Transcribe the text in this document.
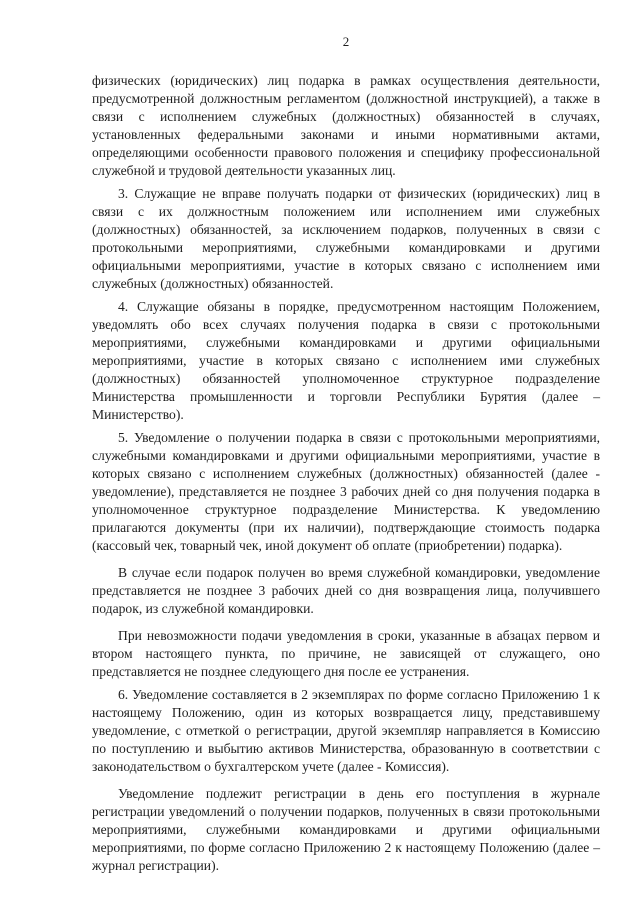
2

физических (юридических) лиц подарка в рамках осуществления деятельности, предусмотренной должностным регламентом (должностной инструкцией), а также в связи с исполнением служебных (должностных) обязанностей в случаях, установленных федеральными законами и иными нормативными актами, определяющими особенности правового положения и специфику профессиональной служебной и трудовой деятельности указанных лиц.

3. Служащие не вправе получать подарки от физических (юридических) лиц в связи с их должностным положением или исполнением ими служебных (должностных) обязанностей, за исключением подарков, полученных в связи с протокольными мероприятиями, служебными командировками и другими официальными мероприятиями, участие в которых связано с исполнением ими служебных (должностных) обязанностей.

4. Служащие обязаны в порядке, предусмотренном настоящим Положением, уведомлять обо всех случаях получения подарка в связи с протокольными мероприятиями, служебными командировками и другими официальными мероприятиями, участие в которых связано с исполнением ими служебных (должностных) обязанностей уполномоченное структурное подразделение Министерства промышленности и торговли Республики Бурятия (далее – Министерство).

5. Уведомление о получении подарка в связи с протокольными мероприятиями, служебными командировками и другими официальными мероприятиями, участие в которых связано с исполнением служебных (должностных) обязанностей (далее - уведомление), представляется не позднее 3 рабочих дней со дня получения подарка в уполномоченное структурное подразделение Министерства. К уведомлению прилагаются документы (при их наличии), подтверждающие стоимость подарка (кассовый чек, товарный чек, иной документ об оплате (приобретении) подарка).

В случае если подарок получен во время служебной командировки, уведомление представляется не позднее 3 рабочих дней со дня возвращения лица, получившего подарок, из служебной командировки.

При невозможности подачи уведомления в сроки, указанные в абзацах первом и втором настоящего пункта, по причине, не зависящей от служащего, оно представляется не позднее следующего дня после ее устранения.

6. Уведомление составляется в 2 экземплярах по форме согласно Приложению 1 к настоящему Положению, один из которых возвращается лицу, представившему уведомление, с отметкой о регистрации, другой экземпляр направляется в Комиссию по поступлению и выбытию активов Министерства, образованную в соответствии с законодательством о бухгалтерском учете (далее - Комиссия).

Уведомление подлежит регистрации в день его поступления в журнале регистрации уведомлений о получении подарков, полученных в связи протокольными мероприятиями, служебными командировками и другими официальными мероприятиями, по форме согласно Приложению 2 к настоящему Положению (далее – журнал регистрации).
